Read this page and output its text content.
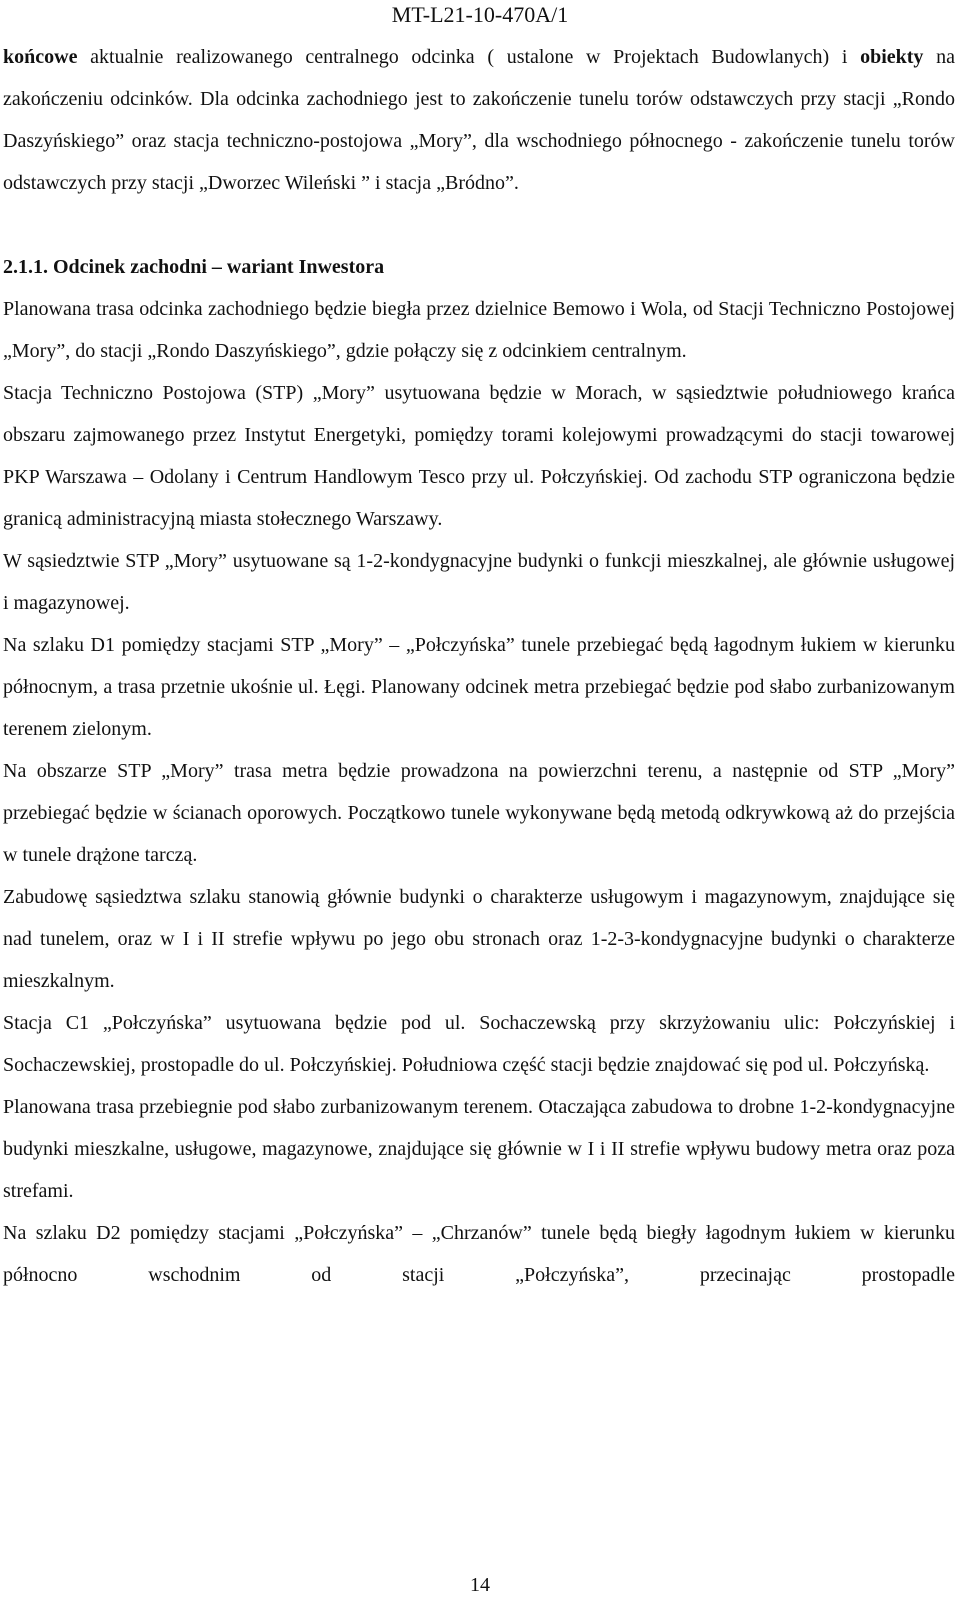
MT-L21-10-470A/1

końcowe aktualnie realizowanego centralnego odcinka ( ustalone w Projektach Budowlanych) i obiekty na zakończeniu odcinków. Dla odcinka zachodniego jest to zakończenie tunelu torów odstawczych przy stacji „Rondo Daszyńskiego” oraz stacja techniczno-postojowa „Mory”, dla wschodniego północnego - zakończenie tunelu torów odstawczych przy stacji „Dworzec Wileński ” i stacja „Bródno”.

2.1.1. Odcinek zachodni – wariant Inwestora

Planowana trasa odcinka zachodniego będzie biegła przez dzielnice Bemowo i Wola, od Stacji Techniczno Postojowej „Mory”, do stacji „Rondo Daszyńskiego”, gdzie połączy się z odcinkiem centralnym.

Stacja Techniczno Postojowa (STP) „Mory” usytuowana będzie w Morach, w sąsiedztwie południowego krańca obszaru zajmowanego przez Instytut Energetyki, pomiędzy torami kolejowymi prowadzącymi do stacji towarowej PKP Warszawa – Odolany i Centrum Handlowym Tesco przy ul. Połczyńskiej. Od zachodu STP ograniczona będzie granicą administracyjną miasta stołecznego Warszawy.

W sąsiedztwie STP „Mory” usytuowane są 1-2-kondygnacyjne budynki o funkcji mieszkalnej, ale głównie usługowej i magazynowej.

Na szlaku D1 pomiędzy stacjami STP „Mory” – „Połczyńska” tunele przebiegać będą łagodnym łukiem w kierunku północnym, a trasa przetnie ukośnie ul. Łęgi. Planowany odcinek metra przebiegać będzie pod słabo zurbanizowanym terenem zielonym.

Na obszarze STP „Mory” trasa metra będzie prowadzona na powierzchni terenu, a następnie od STP „Mory” przebiegać będzie w ścianach oporowych. Początkowo tunele wykonywane będą metodą odkrywkową aż do przejścia w tunele drążone tarczą.

Zabudowę sąsiedztwa szlaku stanowią głównie budynki o charakterze usługowym i magazynowym, znajdujące się nad tunelem, oraz w I i II strefie wpływu po jego obu stronach oraz 1-2-3-kondygnacyjne budynki o charakterze mieszkalnym.

Stacja C1 „Połczyńska” usytuowana będzie pod ul. Sochaczewską przy skrzyżowaniu ulic: Połczyńskiej i Sochaczewskiej, prostopadle do ul. Połczyńskiej. Południowa część stacji będzie znajdować się pod ul. Połczyńską.

Planowana trasa przebiegnie pod słabo zurbanizowanym terenem. Otaczająca zabudowa to drobne 1-2-kondygnacyjne budynki mieszkalne, usługowe, magazynowe, znajdujące się głównie w I i II strefie wpływu budowy metra oraz poza strefami.

Na szlaku D2 pomiędzy stacjami „Połczyńska” – „Chrzanów” tunele będą biegły łagodnym łukiem w kierunku północno wschodnim od stacji „Połczyńska”, przecinając prostopadle

14
